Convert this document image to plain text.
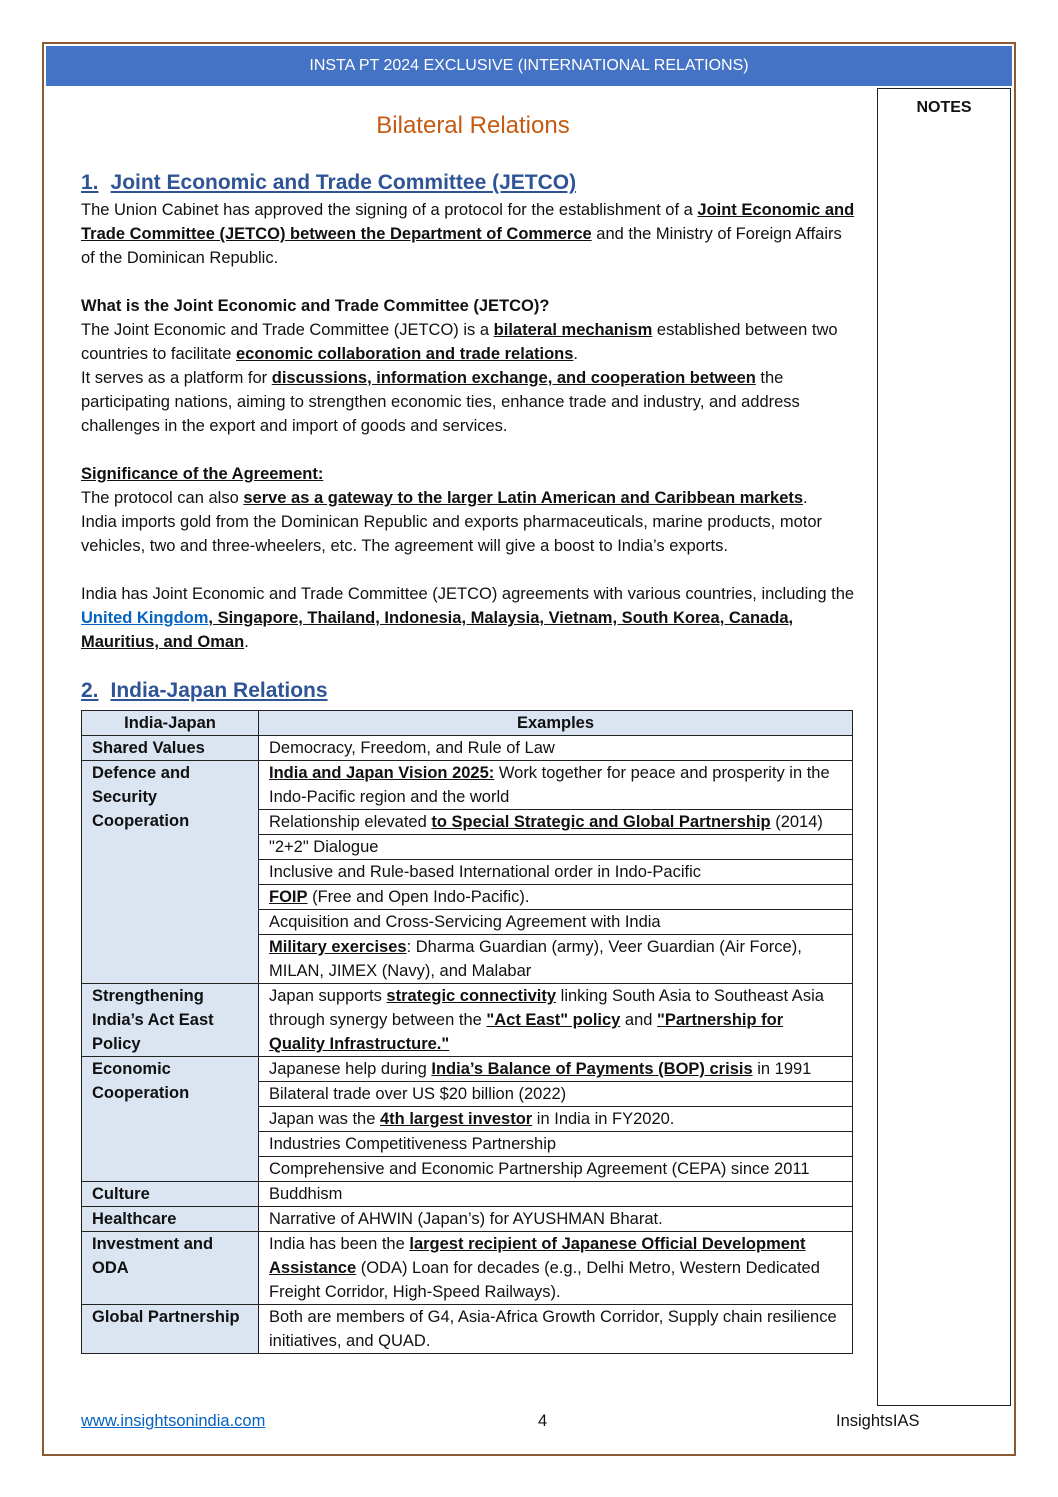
INSTA PT 2024 EXCLUSIVE (INTERNATIONAL RELATIONS)
NOTES
Bilateral Relations
1. Joint Economic and Trade Committee (JETCO)

The Union Cabinet has approved the signing of a protocol for the establishment of a Joint Economic and Trade Committee (JETCO) between the Department of Commerce and the Ministry of Foreign Affairs of the Dominican Republic.

What is the Joint Economic and Trade Committee (JETCO)?

The Joint Economic and Trade Committee (JETCO) is a bilateral mechanism established between two countries to facilitate economic collaboration and trade relations.

It serves as a platform for discussions, information exchange, and cooperation between the participating nations, aiming to strengthen economic ties, enhance trade and industry, and address challenges in the export and import of goods and services.

Significance of the Agreement:

The protocol can also serve as a gateway to the larger Latin American and Caribbean markets.

India imports gold from the Dominican Republic and exports pharmaceuticals, marine products, motor vehicles, two and three-wheelers, etc. The agreement will give a boost to India’s exports.

India has Joint Economic and Trade Committee (JETCO) agreements with various countries, including the United Kingdom, Singapore, Thailand, Indonesia, Malaysia, Vietnam, South Korea, Canada, Mauritius, and Oman.

2. India-Japan Relations
India-Japan	Examples
Shared Values	Democracy, Freedom, and Rule of Law
Defence and Security Cooperation	India and Japan Vision 2025: Work together for peace and prosperity in the Indo-Pacific region and the world
	Relationship elevated to Special Strategic and Global Partnership (2014)
	"2+2" Dialogue
	Inclusive and Rule-based International order in Indo-Pacific
	FOIP (Free and Open Indo-Pacific).
	Acquisition and Cross-Servicing Agreement with India
	Military exercises: Dharma Guardian (army), Veer Guardian (Air Force), MILAN, JIMEX (Navy), and Malabar
Strengthening India’s Act East Policy	Japan supports strategic connectivity linking South Asia to Southeast Asia through synergy between the "Act East" policy and "Partnership for Quality Infrastructure."
Economic Cooperation	Japanese help during India’s Balance of Payments (BOP) crisis in 1991
	Bilateral trade over US $20 billion (2022)
	Japan was the 4th largest investor in India in FY2020.
	Industries Competitiveness Partnership
	Comprehensive and Economic Partnership Agreement (CEPA) since 2011
Culture	Buddhism
Healthcare	Narrative of AHWIN (Japan’s) for AYUSHMAN Bharat.
Investment and ODA	India has been the largest recipient of Japanese Official Development Assistance (ODA) Loan for decades (e.g., Delhi Metro, Western Dedicated Freight Corridor, High-Speed Railways).
Global Partnership	Both are members of G4, Asia-Africa Growth Corridor, Supply chain resilience initiatives, and QUAD.
www.insightsonindia.com	4	InsightsIAS
